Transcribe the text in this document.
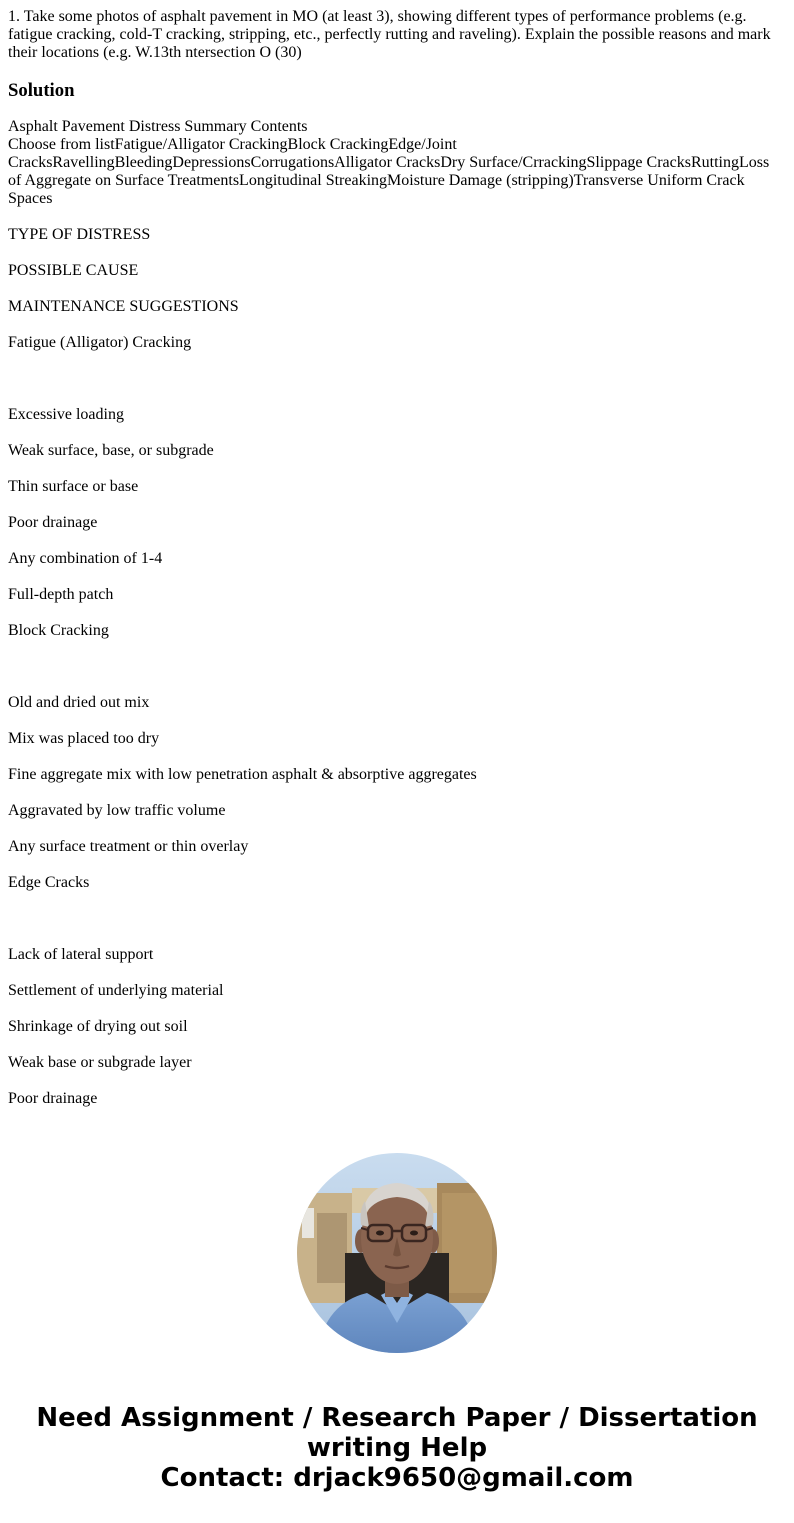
1. Take some photos of asphalt pavement in MO (at least 3), showing different types of performance problems (e.g. fatigue cracking, cold-T cracking, stripping, etc., perfectly rutting and raveling). Explain the possible reasons and mark their locations (e.g. W.13th ntersection O (30)

Solution
Asphalt Pavement Distress Summary Contents
Choose from listFatigue/Alligator CrackingBlock CrackingEdge/Joint CracksRavellingBleedingDepressionsCorrugationsAlligator CracksDry Surface/CrrackingSlippage CracksRuttingLoss of Aggregate on Surface TreatmentsLongitudinal StreakingMoisture Damage (stripping)Transverse Uniform Crack Spaces

TYPE OF DISTRESS

POSSIBLE CAUSE

MAINTENANCE SUGGESTIONS

Fatigue (Alligator) Cracking

Excessive loading

Weak surface, base, or subgrade

Thin surface or base

Poor drainage

Any combination of 1-4

Full-depth patch

Block Cracking

Old and dried out mix

Mix was placed too dry

Fine aggregate mix with low penetration asphalt & absorptive aggregates

Aggravated by low traffic volume

Any surface treatment or thin overlay

Edge Cracks

Lack of lateral support

Settlement of underlying material

Shrinkage of drying out soil

Weak base or subgrade layer

Poor drainage

Need Assignment / Research Paper / Dissertation
writing Help
Contact: drjack9650@gmail.com
